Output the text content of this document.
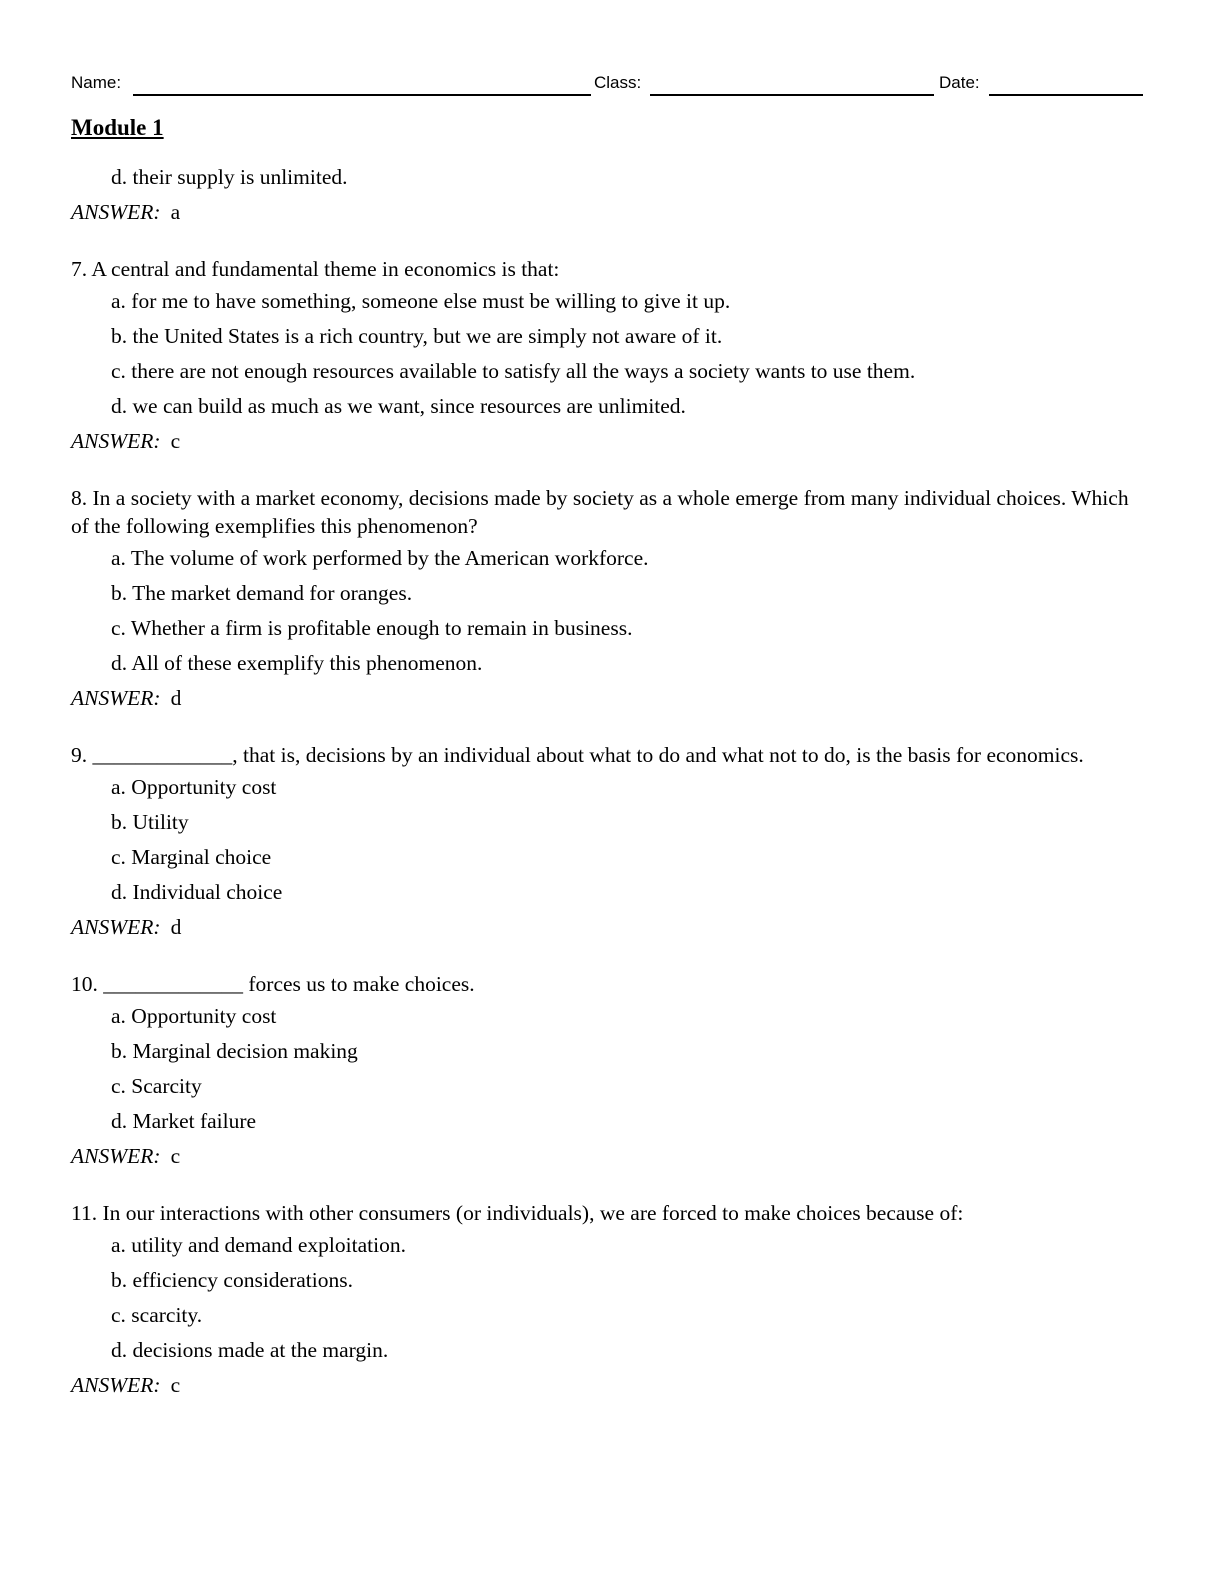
Name:	Class:	Date:
Module 1
d. their supply is unlimited.
ANSWER: a
7. A central and fundamental theme in economics is that:
a. for me to have something, someone else must be willing to give it up.
b. the United States is a rich country, but we are simply not aware of it.
c. there are not enough resources available to satisfy all the ways a society wants to use them.
d. we can build as much as we want, since resources are unlimited.
ANSWER: c
8. In a society with a market economy, decisions made by society as a whole emerge from many individual choices. Which of the following exemplifies this phenomenon?
a. The volume of work performed by the American workforce.
b. The market demand for oranges.
c. Whether a firm is profitable enough to remain in business.
d. All of these exemplify this phenomenon.
ANSWER: d
9. _____________, that is, decisions by an individual about what to do and what not to do, is the basis for economics.
a. Opportunity cost
b. Utility
c. Marginal choice
d. Individual choice
ANSWER: d
10. _____________ forces us to make choices.
a. Opportunity cost
b. Marginal decision making
c. Scarcity
d. Market failure
ANSWER: c
11. In our interactions with other consumers (or individuals), we are forced to make choices because of:
a. utility and demand exploitation.
b. efficiency considerations.
c. scarcity.
d. decisions made at the margin.
ANSWER: c
